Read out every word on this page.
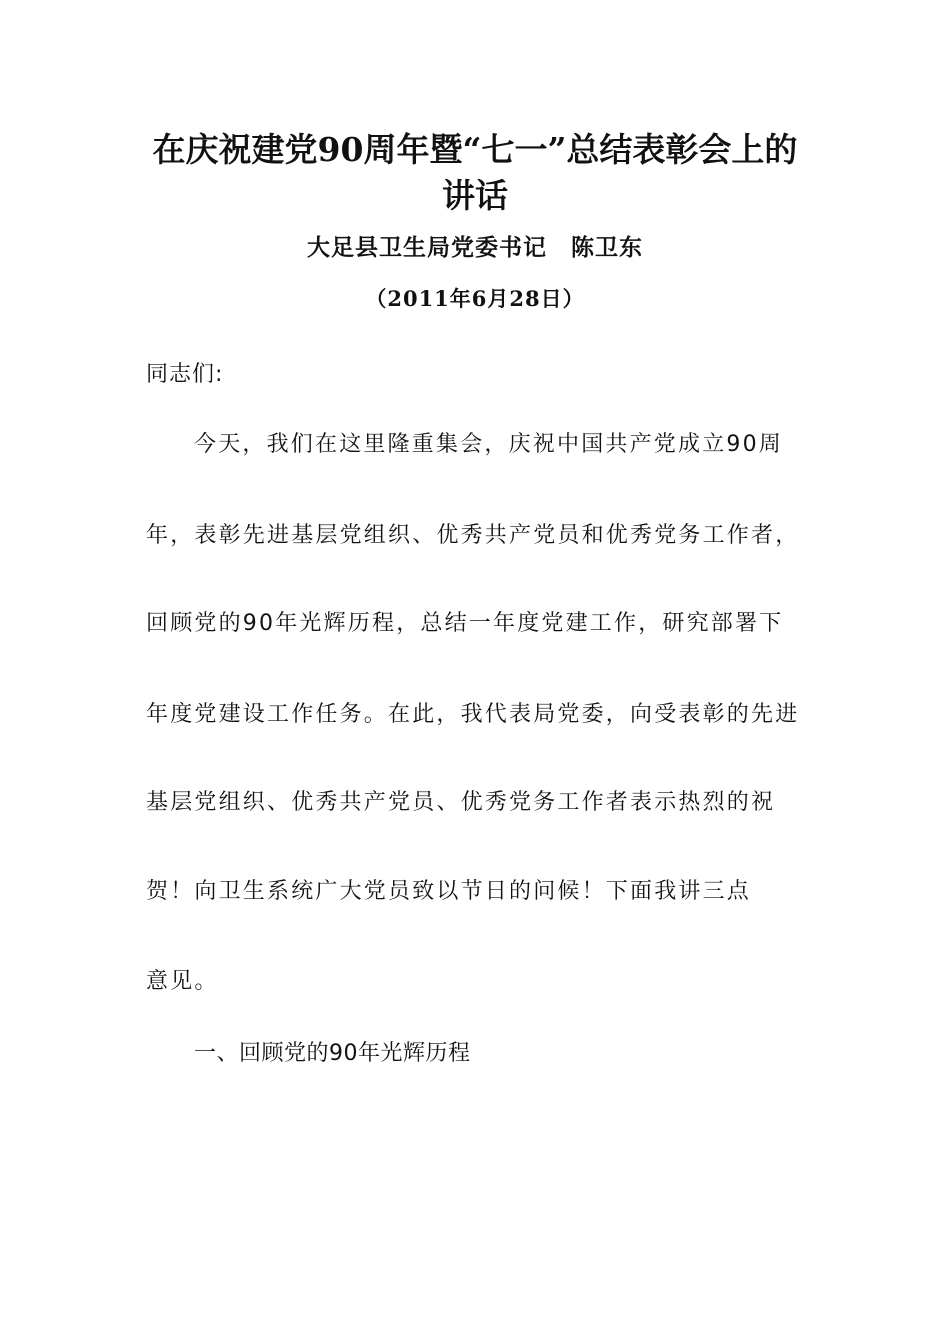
在庆祝建党90周年暨“七一”总结表彰会上的
讲话
大足县卫生局党委书记　陈卫东
（2011年6月28日）
同志们:
今天，我们在这里隆重集会，庆祝中国共产党成立90周
年，表彰先进基层党组织、优秀共产党员和优秀党务工作者，
回顾党的90年光辉历程，总结一年度党建工作，研究部署下
年度党建设工作任务。在此，我代表局党委，向受表彰的先进
基层党组织、优秀共产党员、优秀党务工作者表示热烈的祝
贺！向卫生系统广大党员致以节日的问候！下面我讲三点
意见。
一、回顾党的90年光辉历程
